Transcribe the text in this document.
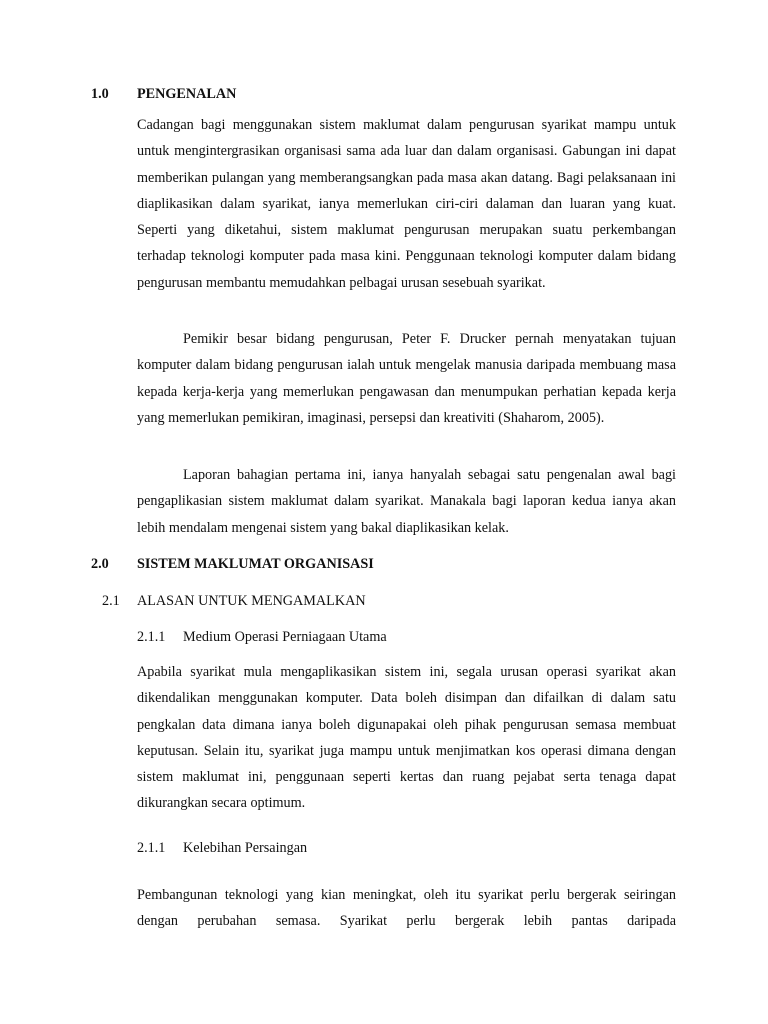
1.0 PENGENALAN

Cadangan bagi menggunakan sistem maklumat dalam pengurusan syarikat mampu untuk untuk mengintergrasikan organisasi sama ada luar dan dalam organisasi. Gabungan ini dapat memberikan pulangan yang memberangsangkan pada masa akan datang. Bagi pelaksanaan ini diaplikasikan dalam syarikat, ianya memerlukan ciri-ciri dalaman dan luaran yang kuat. Seperti yang diketahui, sistem maklumat pengurusan merupakan suatu perkembangan terhadap teknologi komputer pada masa kini. Penggunaan teknologi komputer dalam bidang pengurusan membantu memudahkan pelbagai urusan sesebuah syarikat.

Pemikir besar bidang pengurusan, Peter F. Drucker pernah menyatakan tujuan komputer dalam bidang pengurusan ialah untuk mengelak manusia daripada membuang masa kepada kerja-kerja yang memerlukan pengawasan dan menumpukan perhatian kepada kerja yang memerlukan pemikiran, imaginasi, persepsi dan kreativiti (Shaharom, 2005).

Laporan bahagian pertama ini, ianya hanyalah sebagai satu pengenalan awal bagi pengaplikasian sistem maklumat dalam syarikat. Manakala bagi laporan kedua ianya akan lebih mendalam mengenai sistem yang bakal diaplikasikan kelak.

2.0 SISTEM MAKLUMAT ORGANISASI
2.1 ALASAN UNTUK MENGAMALKAN
2.1.1 Medium Operasi Perniagaan Utama

Apabila syarikat mula mengaplikasikan sistem ini, segala urusan operasi syarikat akan dikendalikan menggunakan komputer. Data boleh disimpan dan difailkan di dalam satu pengkalan data dimana ianya boleh digunapakai oleh pihak pengurusan semasa membuat keputusan. Selain itu, syarikat juga mampu untuk menjimatkan kos operasi dimana dengan sistem maklumat ini, penggunaan seperti kertas dan ruang pejabat serta tenaga dapat dikurangkan secara optimum.

2.1.1 Kelebihan Persaingan

Pembangunan teknologi yang kian meningkat, oleh itu syarikat perlu bergerak seiringan dengan perubahan semasa. Syarikat perlu bergerak lebih pantas daripada
